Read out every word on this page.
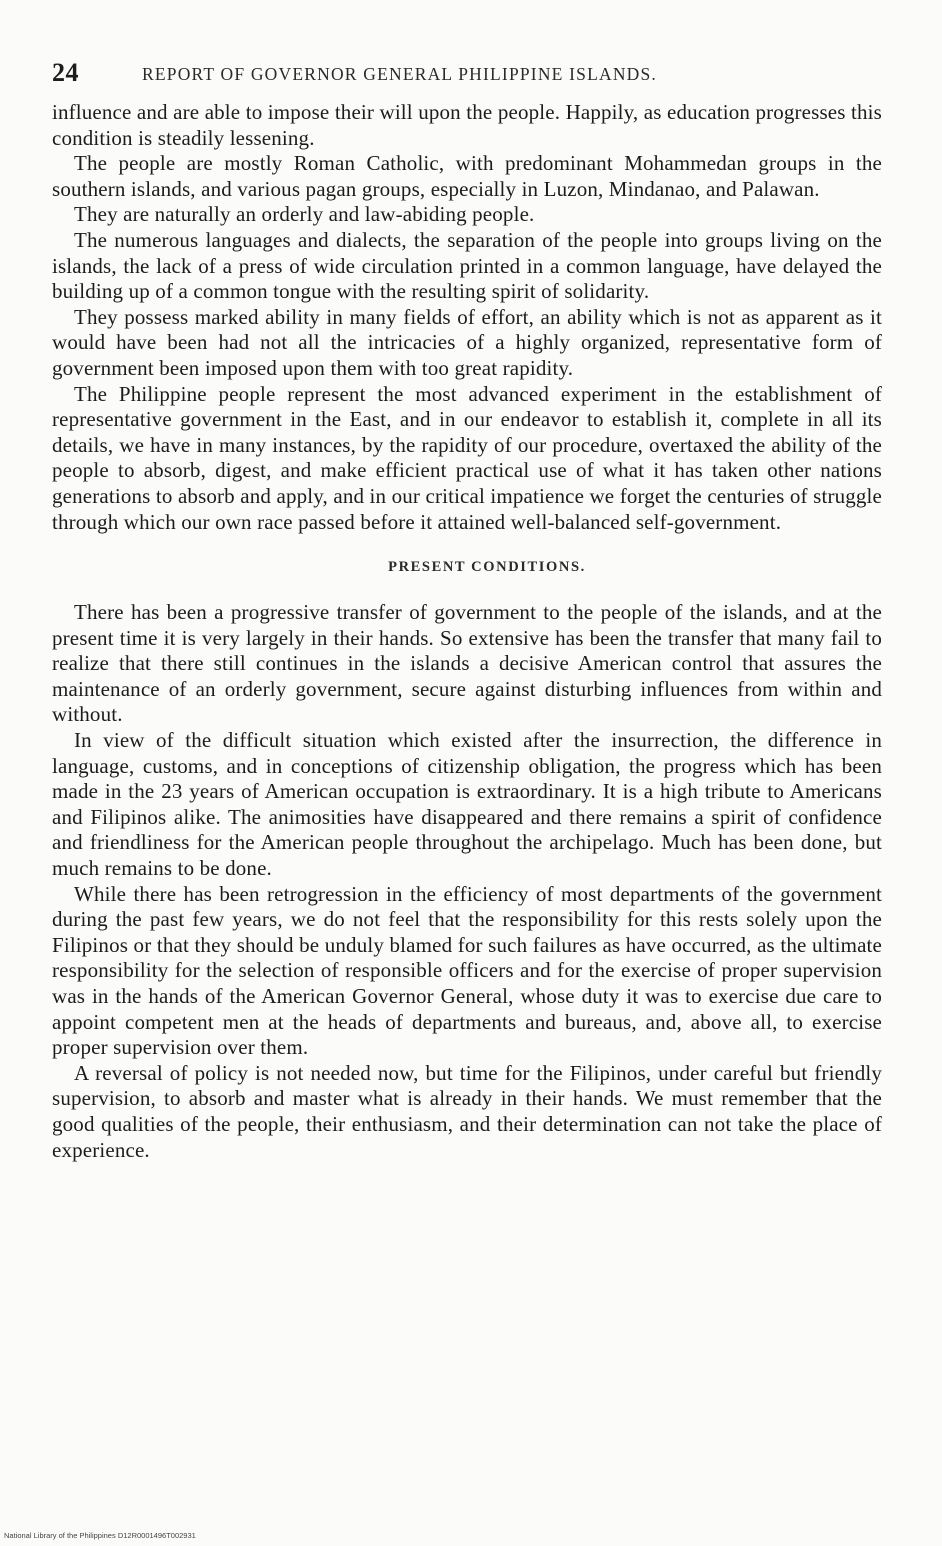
24	REPORT OF GOVERNOR GENERAL PHILIPPINE ISLANDS.

influence and are able to impose their will upon the people. Happily, as education progresses this condition is steadily lessening.

The people are mostly Roman Catholic, with predominant Mohammedan groups in the southern islands, and various pagan groups, especially in Luzon, Mindanao, and Palawan.

They are naturally an orderly and law-abiding people.

The numerous languages and dialects, the separation of the people into groups living on the islands, the lack of a press of wide circulation printed in a common language, have delayed the building up of a common tongue with the resulting spirit of solidarity.

They possess marked ability in many fields of effort, an ability which is not as apparent as it would have been had not all the intricacies of a highly organized, representative form of government been imposed upon them with too great rapidity.

The Philippine people represent the most advanced experiment in the establishment of representative government in the East, and in our endeavor to establish it, complete in all its details, we have in many instances, by the rapidity of our procedure, overtaxed the ability of the people to absorb, digest, and make efficient practical use of what it has taken other nations generations to absorb and apply, and in our critical impatience we forget the centuries of struggle through which our own race passed before it attained well-balanced self-government.

PRESENT CONDITIONS.

There has been a progressive transfer of government to the people of the islands, and at the present time it is very largely in their hands. So extensive has been the transfer that many fail to realize that there still continues in the islands a decisive American control that assures the maintenance of an orderly government, secure against disturbing influences from within and without.

In view of the difficult situation which existed after the insurrection, the difference in language, customs, and in conceptions of citizenship obligation, the progress which has been made in the 23 years of American occupation is extraordinary. It is a high tribute to Americans and Filipinos alike. The animosities have disappeared and there remains a spirit of confidence and friendliness for the American people throughout the archipelago. Much has been done, but much remains to be done.

While there has been retrogression in the efficiency of most departments of the government during the past few years, we do not feel that the responsibility for this rests solely upon the Filipinos or that they should be unduly blamed for such failures as have occurred, as the ultimate responsibility for the selection of responsible officers and for the exercise of proper supervision was in the hands of the American Governor General, whose duty it was to exercise due care to appoint competent men at the heads of departments and bureaus, and, above all, to exercise proper supervision over them.

A reversal of policy is not needed now, but time for the Filipinos, under careful but friendly supervision, to absorb and master what is already in their hands. We must remember that the good qualities of the people, their enthusiasm, and their determination can not take the place of experience.

National Library of the Philippines D12R0001496T002931
